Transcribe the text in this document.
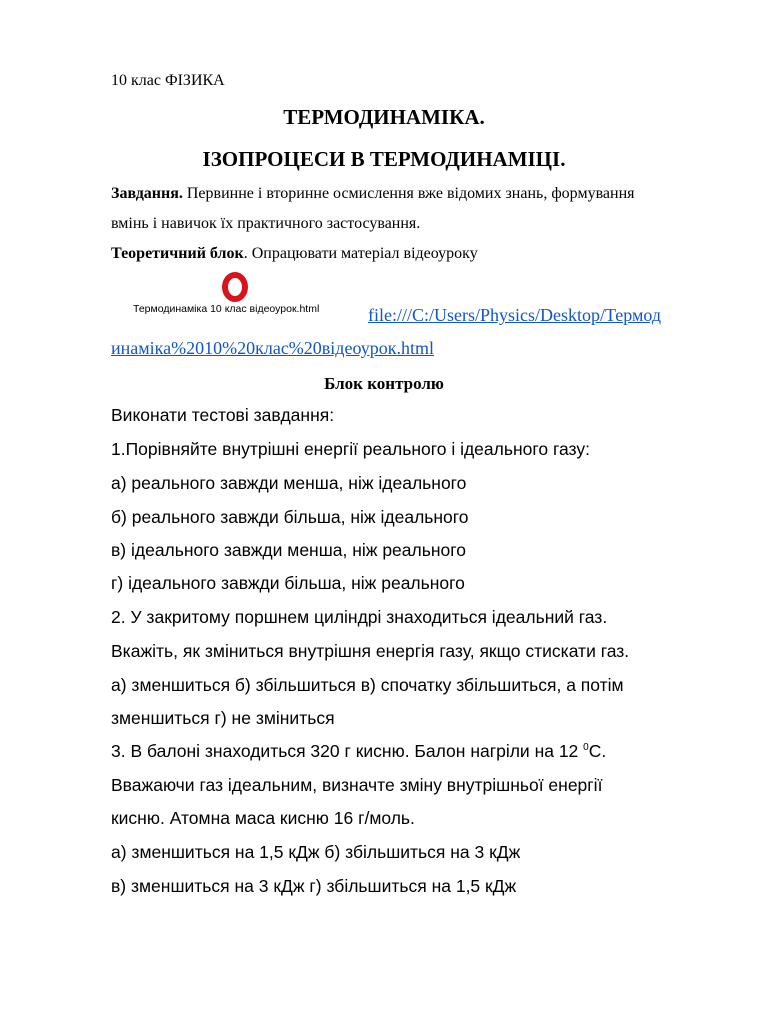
10 клас ФІЗИКА
ТЕРМОДИНАМІКА.
ІЗОПРОЦЕСИ В ТЕРМОДИНАМІЦІ.
Завдання. Первинне і вторинне осмислення вже відомих знань, формування
вмінь і навичок їх практичного застосування.
Теоретичний блок. Опрацювати матеріал відеоуроку
Термодинаміка 10 клас відеоурок.html	file:///C:/Users/Physics/Desktop/Термод
инаміка%2010%20клас%20відеоурок.html
Блок контролю
Виконати тестові завдання:
1.Порівняйте внутрішні енергії реального і ідеального газу:
а) реального завжди менша, ніж ідеального
б) реального завжди більша, ніж ідеального
в) ідеального завжди менша, ніж реального
г) ідеального завжди більша, ніж реального
2. У закритому поршнем циліндрі знаходиться ідеальний газ.
Вкажіть, як зміниться внутрішня енергія газу, якщо стискати газ.
а) зменшиться б) збільшиться в) спочатку збільшиться, а потім
зменшиться г) не зміниться
3. В балоні знаходиться 320 г кисню. Балон нагріли на 12 $^0$С.
Вважаючи газ ідеальним, визначте зміну внутрішньої енергії
кисню. Атомна маса кисню 16 г/моль.
а) зменшиться на 1,5 кДж б) збільшиться на 3 кДж
в) зменшиться на 3 кДж г) збільшиться на 1,5 кДж
